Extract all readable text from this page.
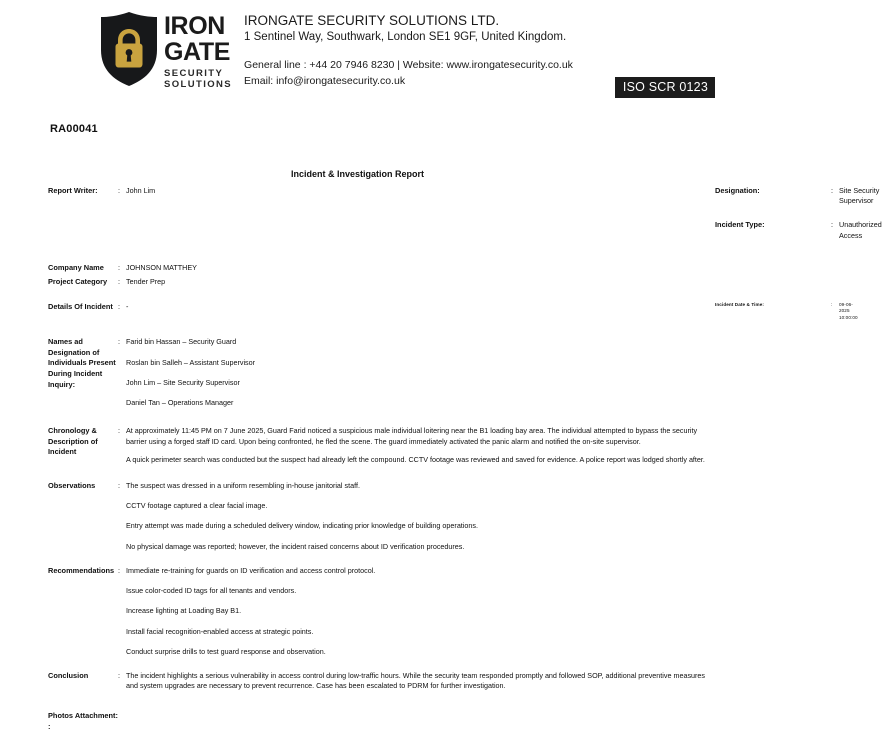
IRON
GATE
SECURITY
SOLUTIONS
IRONGATE SECURITY SOLUTIONS LTD.
1 Sentinel Way, Southwark, London SE1 9GF, United Kingdom.
General line : +44 20 7946 8230 | Website: www.irongatesecurity.co.uk
Email: info@irongatesecurity.co.uk	ISO SCR 0123
RA00041
Incident & Investigation Report
Report Writer:	: John Lim	Designation:	: Site Security Supervisor
Incident Type:	: Unauthorized Access
Company Name	: JOHNSON MATTHEY
Project Category	: Tender Prep
Details Of Incident : -	Incident Date & Time:	:	09-06-2025 10:00:00
Names ad Designation of Individuals Present During Incident Inquiry:
: Farid bin Hassan – Security Guard

Roslan bin Salleh – Assistant Supervisor

John Lim – Site Security Supervisor

Daniel Tan – Operations Manager

Chronology & Description of Incident
: At approximately 11:45 PM on 7 June 2025, Guard Farid noticed a suspicious male individual loitering near the B1 loading bay area. The individual attempted to bypass the security barrier using a forged staff ID card. Upon being confronted, he fled the scene. The guard immediately activated the panic alarm and notified the on-site supervisor.

A quick perimeter search was conducted but the suspect had already left the compound. CCTV footage was reviewed and saved for evidence. A police report was lodged shortly after.

Observations	: The suspect was dressed in a uniform resembling in-house janitorial staff.

CCTV footage captured a clear facial image.

Entry attempt was made during a scheduled delivery window, indicating prior knowledge of building operations.

No physical damage was reported; however, the incident raised concerns about ID verification procedures.

Recommendations : Immediate re-training for guards on ID verification and access control protocol.

Issue color-coded ID tags for all tenants and vendors.

Increase lighting at Loading Bay B1.

Install facial recognition-enabled access at strategic points.

Conduct surprise drills to test guard response and observation.

Conclusion	: The incident highlights a serious vulnerability in access control during low-traffic hours. While the security team responded promptly and followed SOP, additional preventive measures and system upgrades are necessary to prevent recurrence. Case has been escalated to PDRM for further investigation.
Photos Attachment: :
